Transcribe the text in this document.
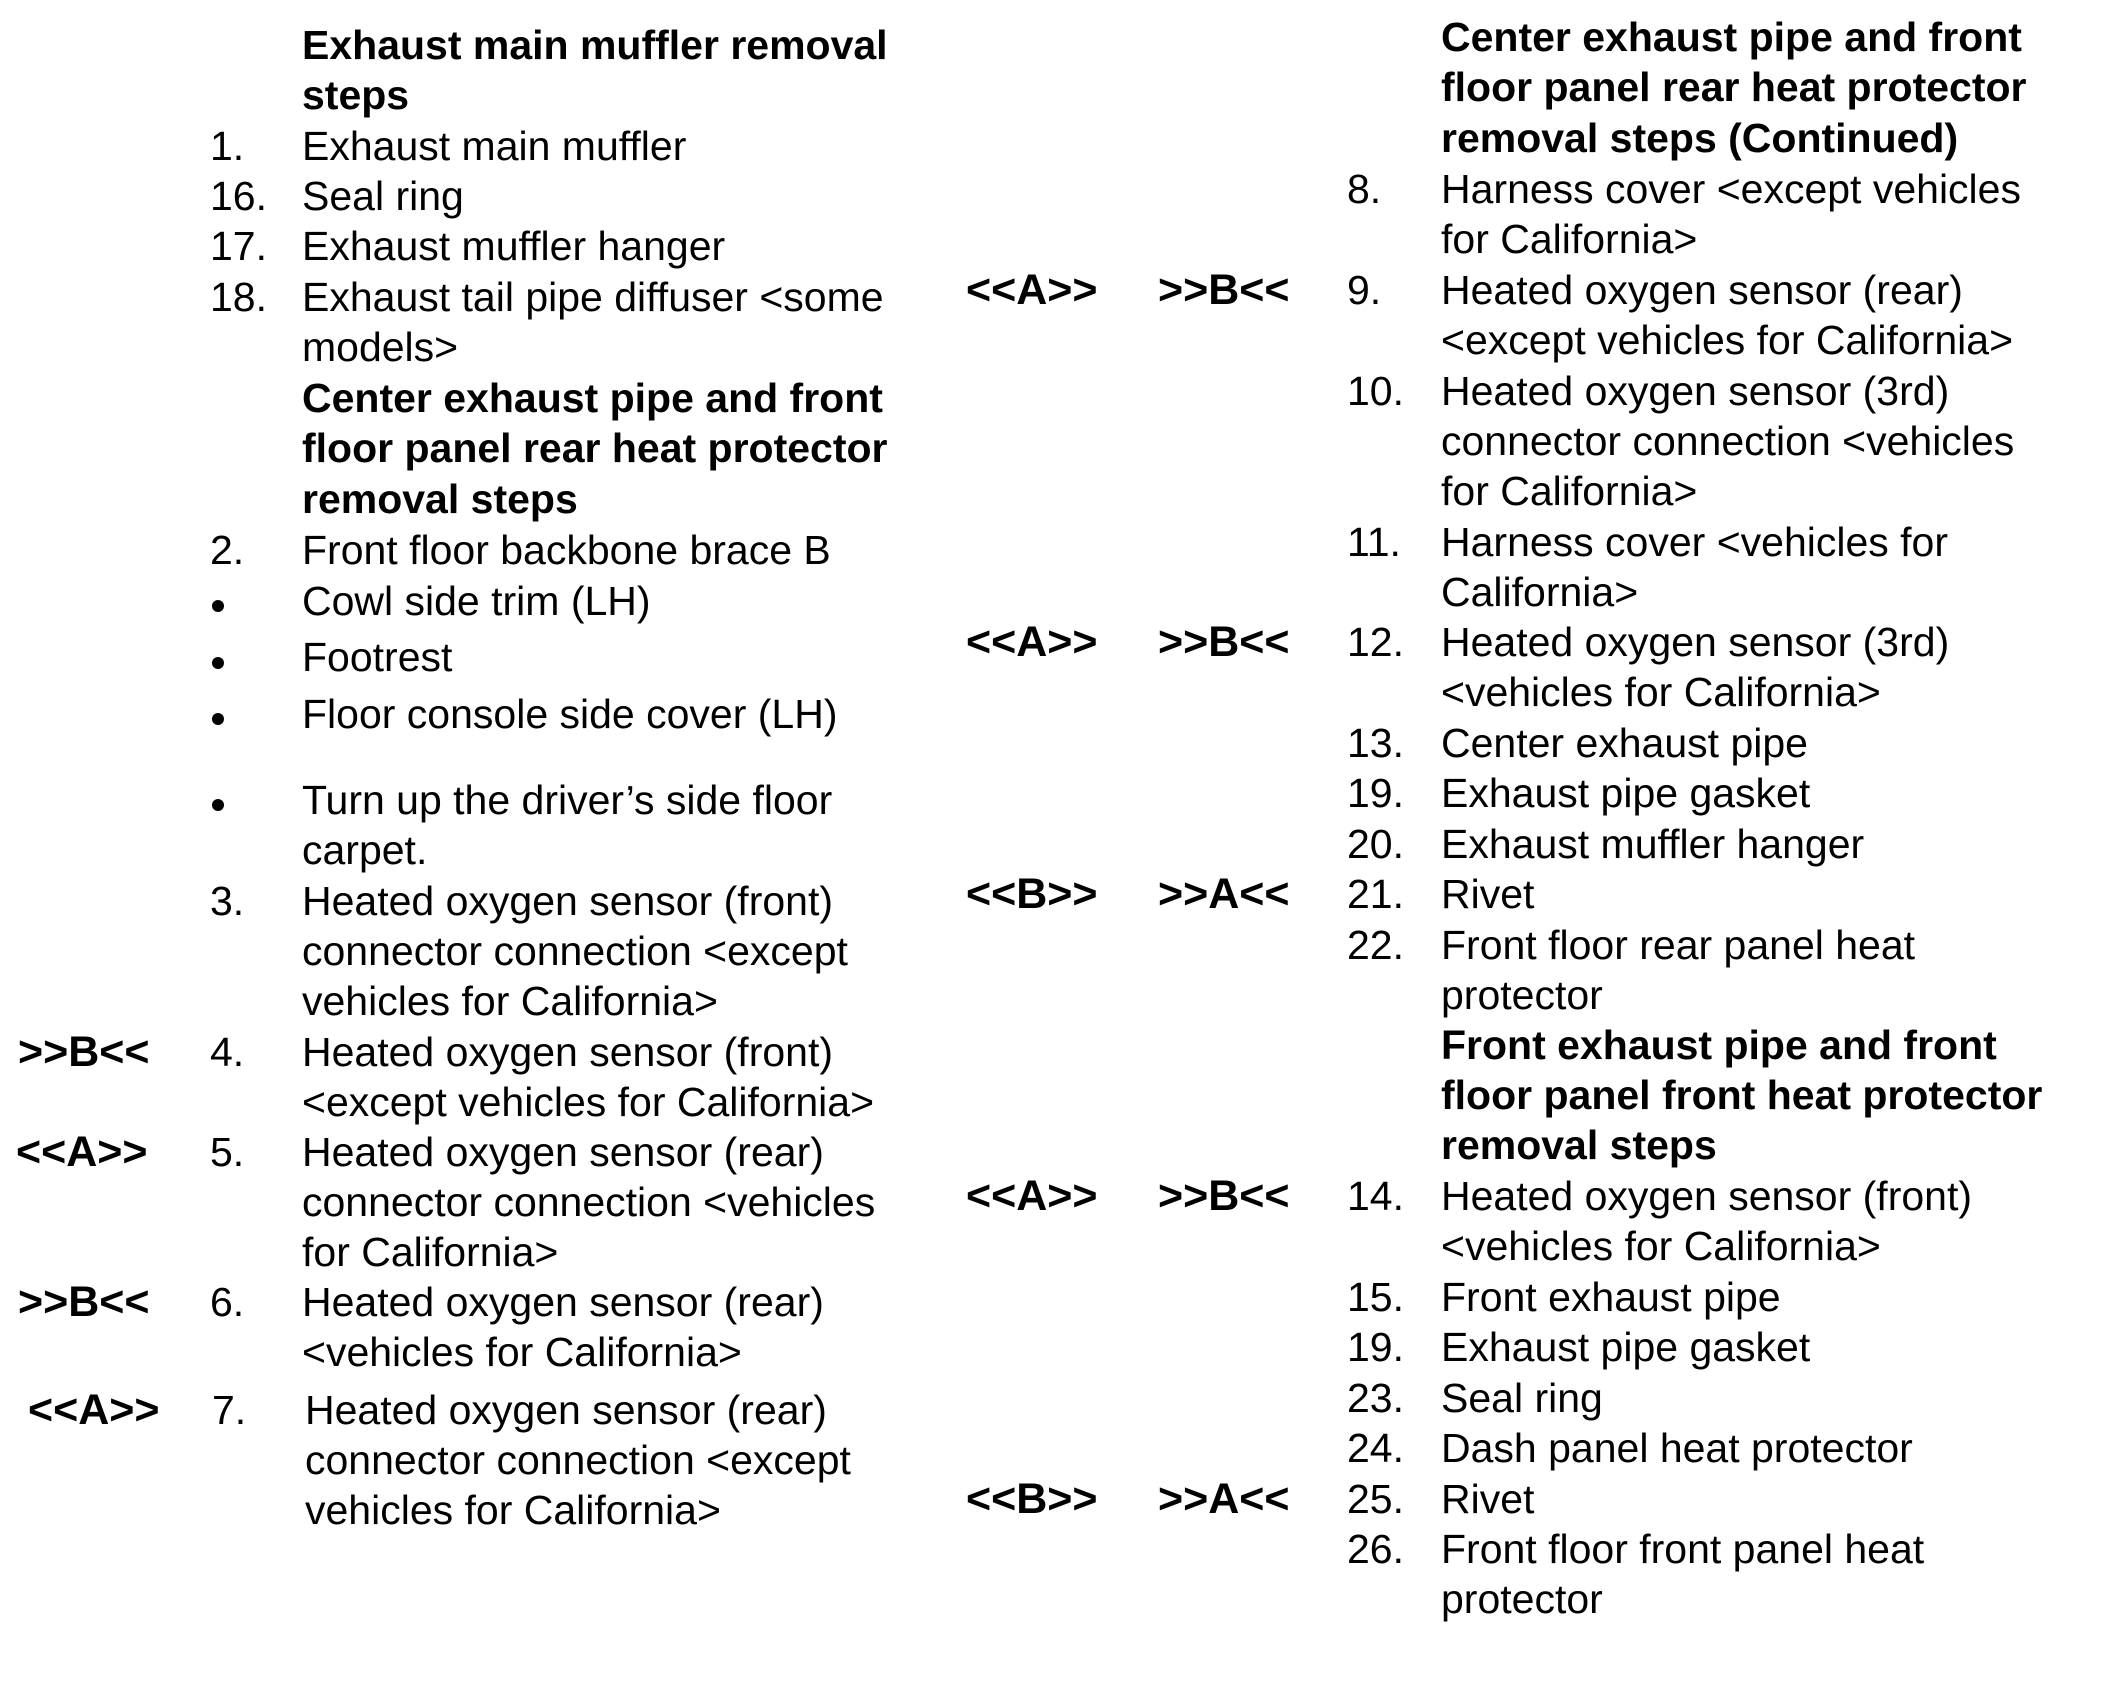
Exhaust main muffler removal
steps
1. Exhaust main muffler
16. Seal ring
17. Exhaust muffler hanger
18. Exhaust tail pipe diffuser <some
models>
Center exhaust pipe and front
floor panel rear heat protector
removal steps
2. Front floor backbone brace B
Cowl side trim (LH)
Footrest
Floor console side cover (LH)
Turn up the driver’s side floor
carpet.
3. Heated oxygen sensor (front)
connector connection <except
vehicles for California>
>>B<< 4. Heated oxygen sensor (front)
<except vehicles for California>
<<A>> 5. Heated oxygen sensor (rear)
connector connection <vehicles
for California>
>>B<< 6. Heated oxygen sensor (rear)
<vehicles for California>
<<A>> 7. Heated oxygen sensor (rear)
connector connection <except
vehicles for California>
Center exhaust pipe and front
floor panel rear heat protector
removal steps (Continued)
8. Harness cover <except vehicles
for California>
<<A>> >>B<< 9. Heated oxygen sensor (rear)
<except vehicles for California>
10. Heated oxygen sensor (3rd)
connector connection <vehicles
for California>
11. Harness cover <vehicles for
California>
<<A>> >>B<< 12. Heated oxygen sensor (3rd)
<vehicles for California>
13. Center exhaust pipe
19. Exhaust pipe gasket
20. Exhaust muffler hanger
<<B>> >>A<< 21. Rivet
22. Front floor rear panel heat
protector
Front exhaust pipe and front
floor panel front heat protector
removal steps
<<A>> >>B<< 14. Heated oxygen sensor (front)
<vehicles for California>
15. Front exhaust pipe
19. Exhaust pipe gasket
23. Seal ring
24. Dash panel heat protector
<<B>> >>A<< 25. Rivet
26. Front floor front panel heat
protector
